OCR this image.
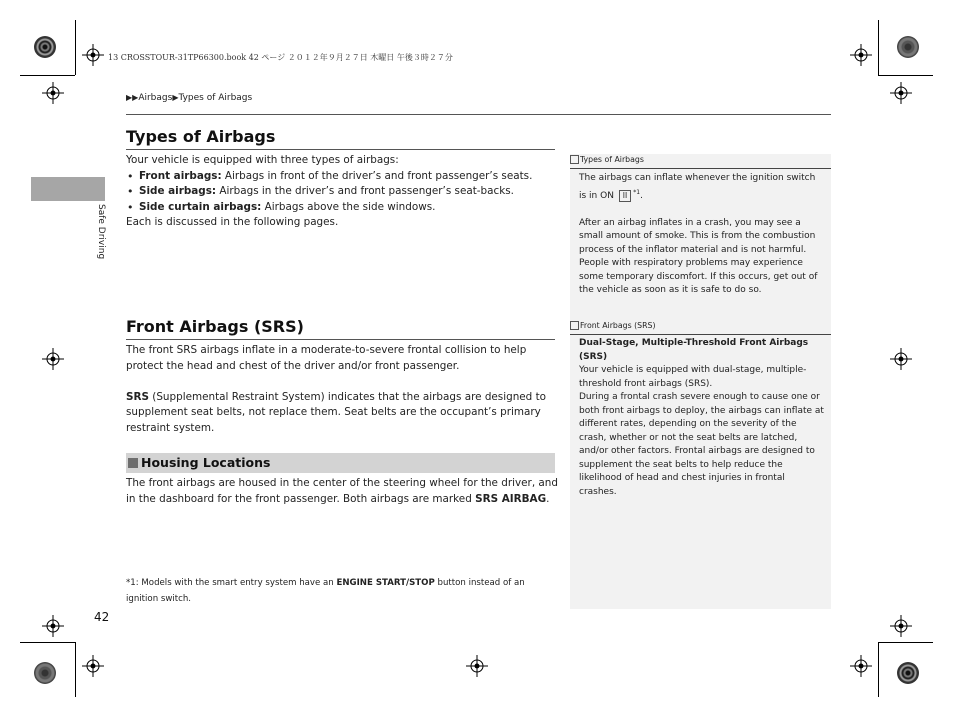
13 CROSSTOUR-31TP66300.book 42 ページ ２０１２年９月２７日 木曜日 午後３時２７分
▶▶Airbags▶Types of Airbags
Safe Driving
Types of Airbags

Your vehicle is equipped with three types of airbags:

• Front airbags: Airbags in front of the driver’s and front passenger’s seats.
• Side airbags: Airbags in the driver’s and front passenger’s seat-backs.
• Side curtain airbags: Airbags above the side windows.

Each is discussed in the following pages.

Front Airbags (SRS)

The front SRS airbags inflate in a moderate-to-severe frontal collision to help protect the head and chest of the driver and/or front passenger.

SRS (Supplemental Restraint System) indicates that the airbags are designed to supplement seat belts, not replace them. Seat belts are the occupant’s primary restraint system.

Housing Locations

The front airbags are housed in the center of the steering wheel for the driver, and in the dashboard for the front passenger. Both airbags are marked SRS AIRBAG.

*1: Models with the smart entry system have an ENGINE START/STOP button instead of an ignition switch.
42
Types of Airbags

The airbags can inflate whenever the ignition switch is in ON II $^{*1}$.

After an airbag inflates in a crash, you may see a small amount of smoke. This is from the combustion process of the inflator material and is not harmful. People with respiratory problems may experience some temporary discomfort. If this occurs, get out of the vehicle as soon as it is safe to do so.

Front Airbags (SRS)

Dual-Stage, Multiple-Threshold Front Airbags (SRS)

Your vehicle is equipped with dual-stage, multiple-threshold front airbags (SRS).

During a frontal crash severe enough to cause one or both front airbags to deploy, the airbags can inflate at different rates, depending on the severity of the crash, whether or not the seat belts are latched, and/or other factors. Frontal airbags are designed to supplement the seat belts to help reduce the likelihood of head and chest injuries in frontal crashes.
